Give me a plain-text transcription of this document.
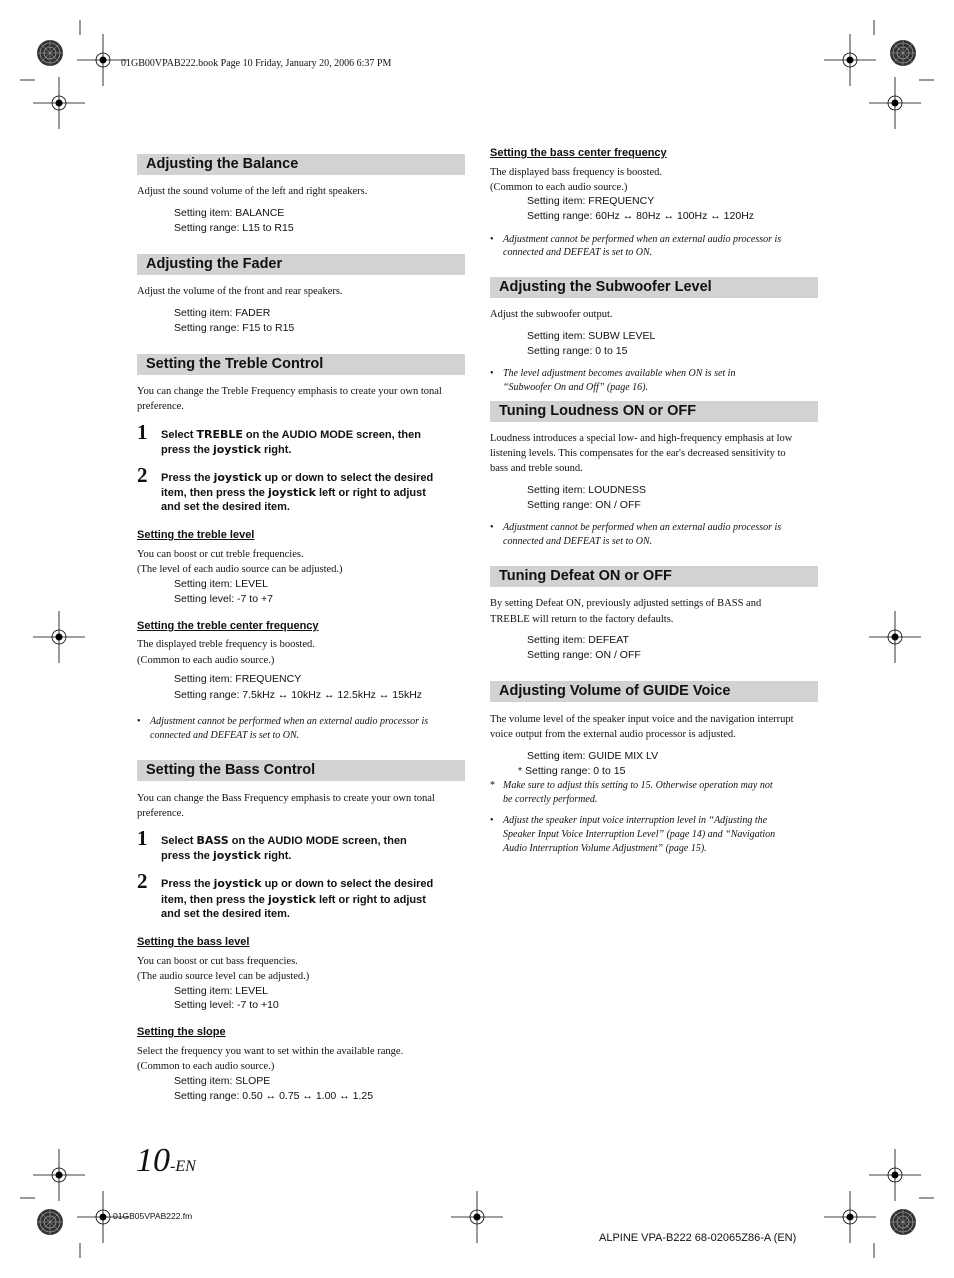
01GB00VPAB222.book Page 10 Friday, January 20, 2006 6:37 PM
Adjusting the Balance
Adjust the sound volume of the left and right speakers.
Setting item: BALANCE
Setting range: L15 to R15
Adjusting the Fader
Adjust the volume of the front and rear speakers.
Setting item: FADER
Setting range: F15 to R15
Setting the Treble Control
You can change the Treble Frequency emphasis to create your own tonal
preference.
1 Select TREBLE on the AUDIO MODE screen, then
press the joystick right.
2 Press the joystick up or down to select the desired
item, then press the joystick left or right to adjust
and set the desired item.
Setting the treble level
You can boost or cut treble frequencies.
(The level of each audio source can be adjusted.)
Setting item: LEVEL
Setting level: -7 to +7
Setting the treble center frequency
The displayed treble frequency is boosted.
(Common to each audio source.)
Setting item: FREQUENCY
Setting range: 7.5kHz ↔ 10kHz ↔ 12.5kHz ↔ 15kHz
• Adjustment cannot be performed when an external audio processor is
connected and DEFEAT is set to ON.
Setting the Bass Control
You can change the Bass Frequency emphasis to create your own tonal
preference.
1 Select BASS on the AUDIO MODE screen, then
press the joystick right.
2 Press the joystick up or down to select the desired
item, then press the joystick left or right to adjust
and set the desired item.
Setting the bass level
You can boost or cut bass frequencies.
(The audio source level can be adjusted.)
Setting item: LEVEL
Setting level: -7 to +10
Setting the slope
Select the frequency you want to set within the available range.
(Common to each audio source.)
Setting item: SLOPE
Setting range: 0.50 ↔ 0.75 ↔ 1.00 ↔ 1.25
Setting the bass center frequency
The displayed bass frequency is boosted.
(Common to each audio source.)
Setting item: FREQUENCY
Setting range: 60Hz ↔ 80Hz ↔ 100Hz ↔ 120Hz
• Adjustment cannot be performed when an external audio processor is
connected and DEFEAT is set to ON.
Adjusting the Subwoofer Level
Adjust the subwoofer output.
Setting item: SUBW LEVEL
Setting range: 0 to 15
• The level adjustment becomes available when ON is set in
“Subwoofer On and Off” (page 16).
Tuning Loudness ON or OFF
Loudness introduces a special low- and high-frequency emphasis at low
listening levels. This compensates for the ear's decreased sensitivity to
bass and treble sound.
Setting item: LOUDNESS
Setting range: ON / OFF
• Adjustment cannot be performed when an external audio processor is
connected and DEFEAT is set to ON.
Tuning Defeat ON or OFF
By setting Defeat ON, previously adjusted settings of BASS and
TREBLE will return to the factory defaults.
Setting item: DEFEAT
Setting range: ON / OFF
Adjusting Volume of GUIDE Voice
The volume level of the speaker input voice and the navigation interrupt
voice output from the external audio processor is adjusted.
Setting item: GUIDE MIX LV
* Setting range: 0 to 15
* Make sure to adjust this setting to 15. Otherwise operation may not
be correctly performed.
• Adjust the speaker input voice interruption level in “Adjusting the
Speaker Input Voice Interruption Level” (page 14) and “Navigation
Audio Interruption Volume Adjustment” (page 15).
10-EN
01GB05VPAB222.fm
ALPINE VPA-B222 68-02065Z86-A (EN)
